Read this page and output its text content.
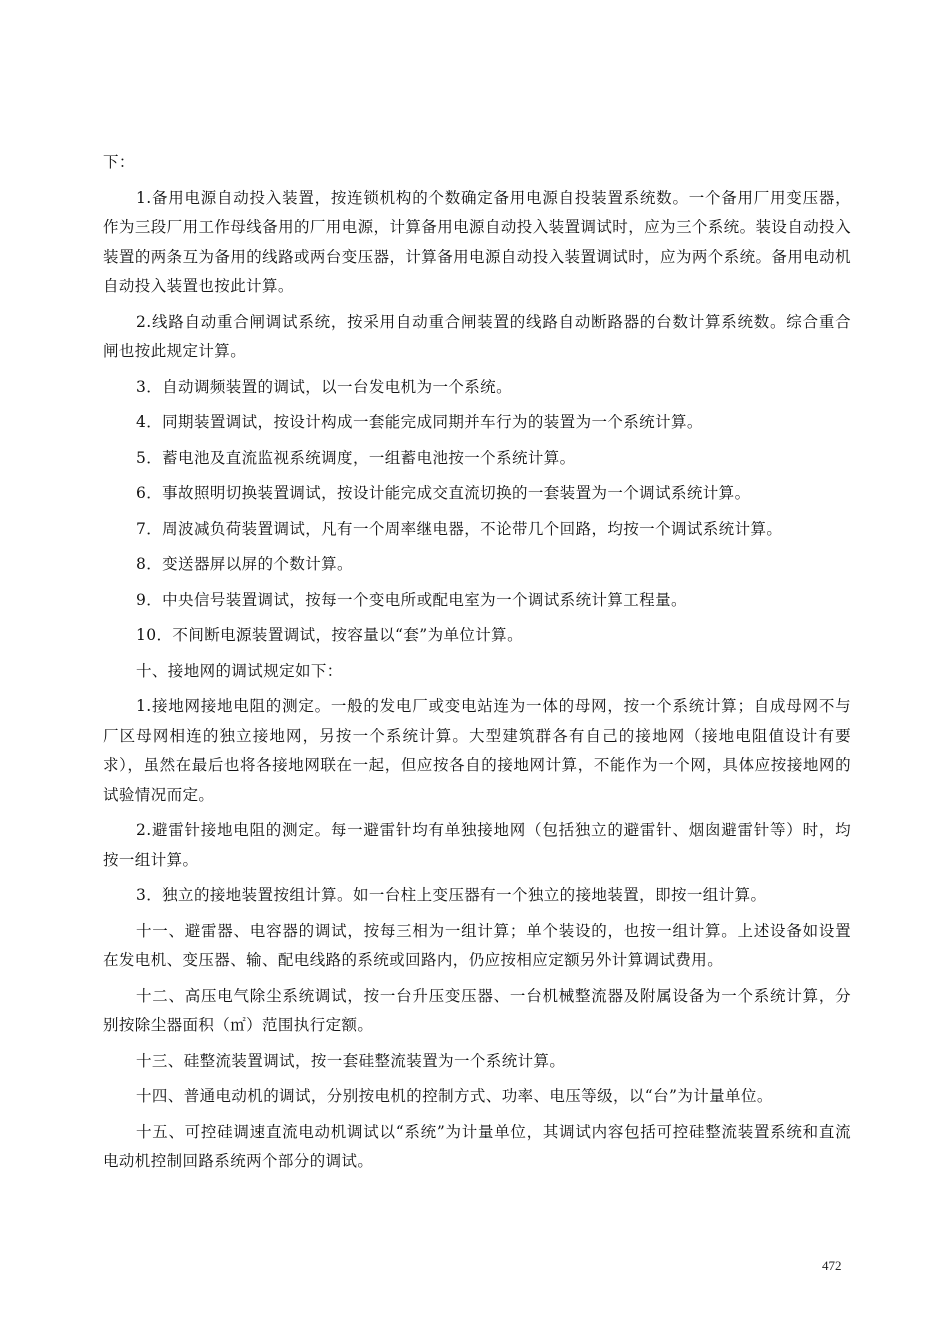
下：

1.备用电源自动投入装置，按连锁机构的个数确定备用电源自投装置系统数。一个备用厂用变压器，作为三段厂用工作母线备用的厂用电源，计算备用电源自动投入装置调试时，应为三个系统。装设自动投入装置的两条互为备用的线路或两台变压器，计算备用电源自动投入装置调试时，应为两个系统。备用电动机自动投入装置也按此计算。

2.线路自动重合闸调试系统，按采用自动重合闸装置的线路自动断路器的台数计算系统数。综合重合闸也按此规定计算。

3．自动调频装置的调试，以一台发电机为一个系统。

4．同期装置调试，按设计构成一套能完成同期并车行为的装置为一个系统计算。

5．蓄电池及直流监视系统调度，一组蓄电池按一个系统计算。

6．事故照明切换装置调试，按设计能完成交直流切换的一套装置为一个调试系统计算。

7．周波减负荷装置调试，凡有一个周率继电器，不论带几个回路，均按一个调试系统计算。

8．变送器屏以屏的个数计算。

9．中央信号装置调试，按每一个变电所或配电室为一个调试系统计算工程量。

10．不间断电源装置调试，按容量以“套”为单位计算。

十、接地网的调试规定如下：

1.接地网接地电阻的测定。一般的发电厂或变电站连为一体的母网，按一个系统计算；自成母网不与厂区母网相连的独立接地网，另按一个系统计算。大型建筑群各有自己的接地网（接地电阻值设计有要求），虽然在最后也将各接地网联在一起，但应按各自的接地网计算，不能作为一个网，具体应按接地网的试验情况而定。

2.避雷针接地电阻的测定。每一避雷针均有单独接地网（包括独立的避雷针、烟囱避雷针等）时，均按一组计算。

3．独立的接地装置按组计算。如一台柱上变压器有一个独立的接地装置，即按一组计算。

十一、避雷器、电容器的调试，按每三相为一组计算；单个装设的，也按一组计算。上述设备如设置在发电机、变压器、输、配电线路的系统或回路内，仍应按相应定额另外计算调试费用。

十二、高压电气除尘系统调试，按一台升压变压器、一台机械整流器及附属设备为一个系统计算，分别按除尘器面积（㎡）范围执行定额。

十三、硅整流装置调试，按一套硅整流装置为一个系统计算。

十四、普通电动机的调试，分别按电机的控制方式、功率、电压等级，以“台”为计量单位。

十五、可控硅调速直流电动机调试以“系统”为计量单位，其调试内容包括可控硅整流装置系统和直流电动机控制回路系统两个部分的调试。

472
